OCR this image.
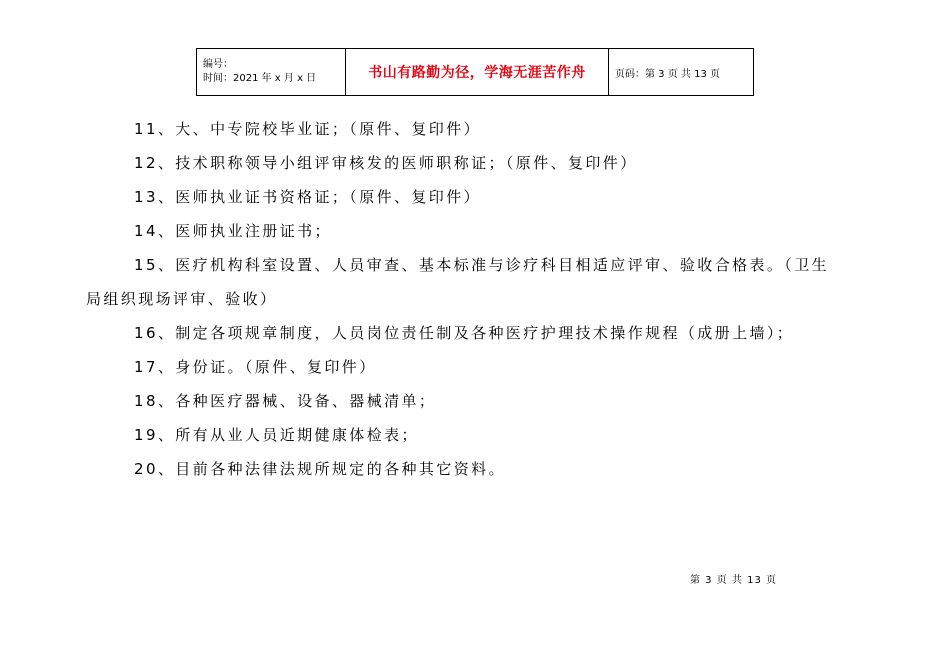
编号：
时间：2021 年 x 月 x 日	书山有路勤为径，学海无涯苦作舟	页码：第 3 页 共 13 页
11、大、中专院校毕业证；（原件、复印件）
12、技术职称领导小组评审核发的医师职称证；（原件、复印件）
13、医师执业证书资格证；（原件、复印件）
14、医师执业注册证书；
15、医疗机构科室设置、人员审查、基本标准与诊疗科目相适应评审、验收合格表。（卫生
局组织现场评审、验收）
16、制定各项规章制度，人员岗位责任制及各种医疗护理技术操作规程（成册上墙）；
17、身份证。（原件、复印件）
18、各种医疗器械、设备、器械清单；
19、所有从业人员近期健康体检表；
20、目前各种法律法规所规定的各种其它资料。
第 3 页 共 13 页
